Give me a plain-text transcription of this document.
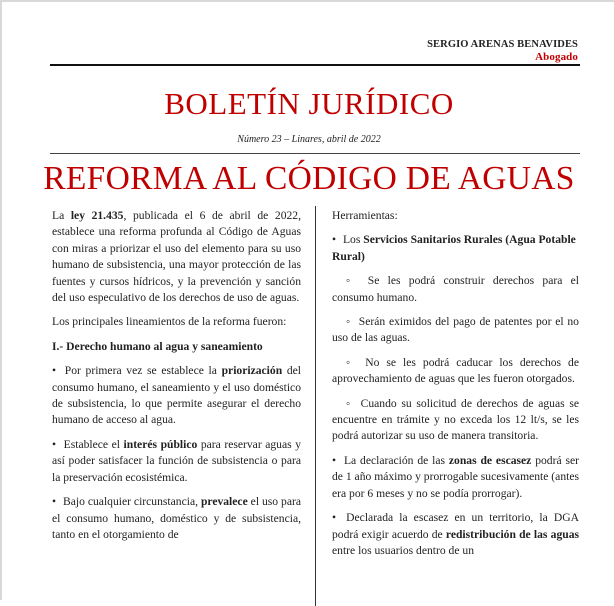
SERGIO ARENAS BENAVIDES
Abogado
BOLETÍN JURÍDICO
Número 23 – Linares, abril de 2022
REFORMA AL CÓDIGO DE AGUAS

La ley 21.435, publicada el 6 de abril de 2022, establece una reforma profunda al Código de Aguas con miras a priorizar el uso del elemento para su uso humano de subsistencia, una mayor protección de las fuentes y cursos hídricos, y la prevención y sanción del uso especulativo de los derechos de uso de aguas.

Los principales lineamientos de la reforma fueron:

I.- Derecho humano al agua y saneamiento

• Por primera vez se establece la priorización del consumo humano, el saneamiento y el uso doméstico de subsistencia, lo que permite asegurar el derecho humano de acceso al agua.

• Establece el interés público para reservar aguas y así poder satisfacer la función de subsistencia o para la preservación ecosistémica.

• Bajo cualquier circunstancia, prevalece el uso para el consumo humano, doméstico y de subsistencia, tanto en el otorgamiento de

Herramientas:

• Los Servicios Sanitarios Rurales (Agua Potable Rural)

◦ Se les podrá construir derechos para el consumo humano.

◦ Serán eximidos del pago de patentes por el no uso de las aguas.

◦ No se les podrá caducar los derechos de aprovechamiento de aguas que les fueron otorgados.

◦ Cuando su solicitud de derechos de aguas se encuentre en trámite y no exceda los 12 lt/s, se les podrá autorizar su uso de manera transitoria.

• La declaración de las zonas de escasez podrá ser de 1 año máximo y prorrogable sucesivamente (antes era por 6 meses y no se podía prorrogar).

• Declarada la escasez en un territorio, la DGA podrá exigir acuerdo de redistribución de las aguas entre los usuarios dentro de un
